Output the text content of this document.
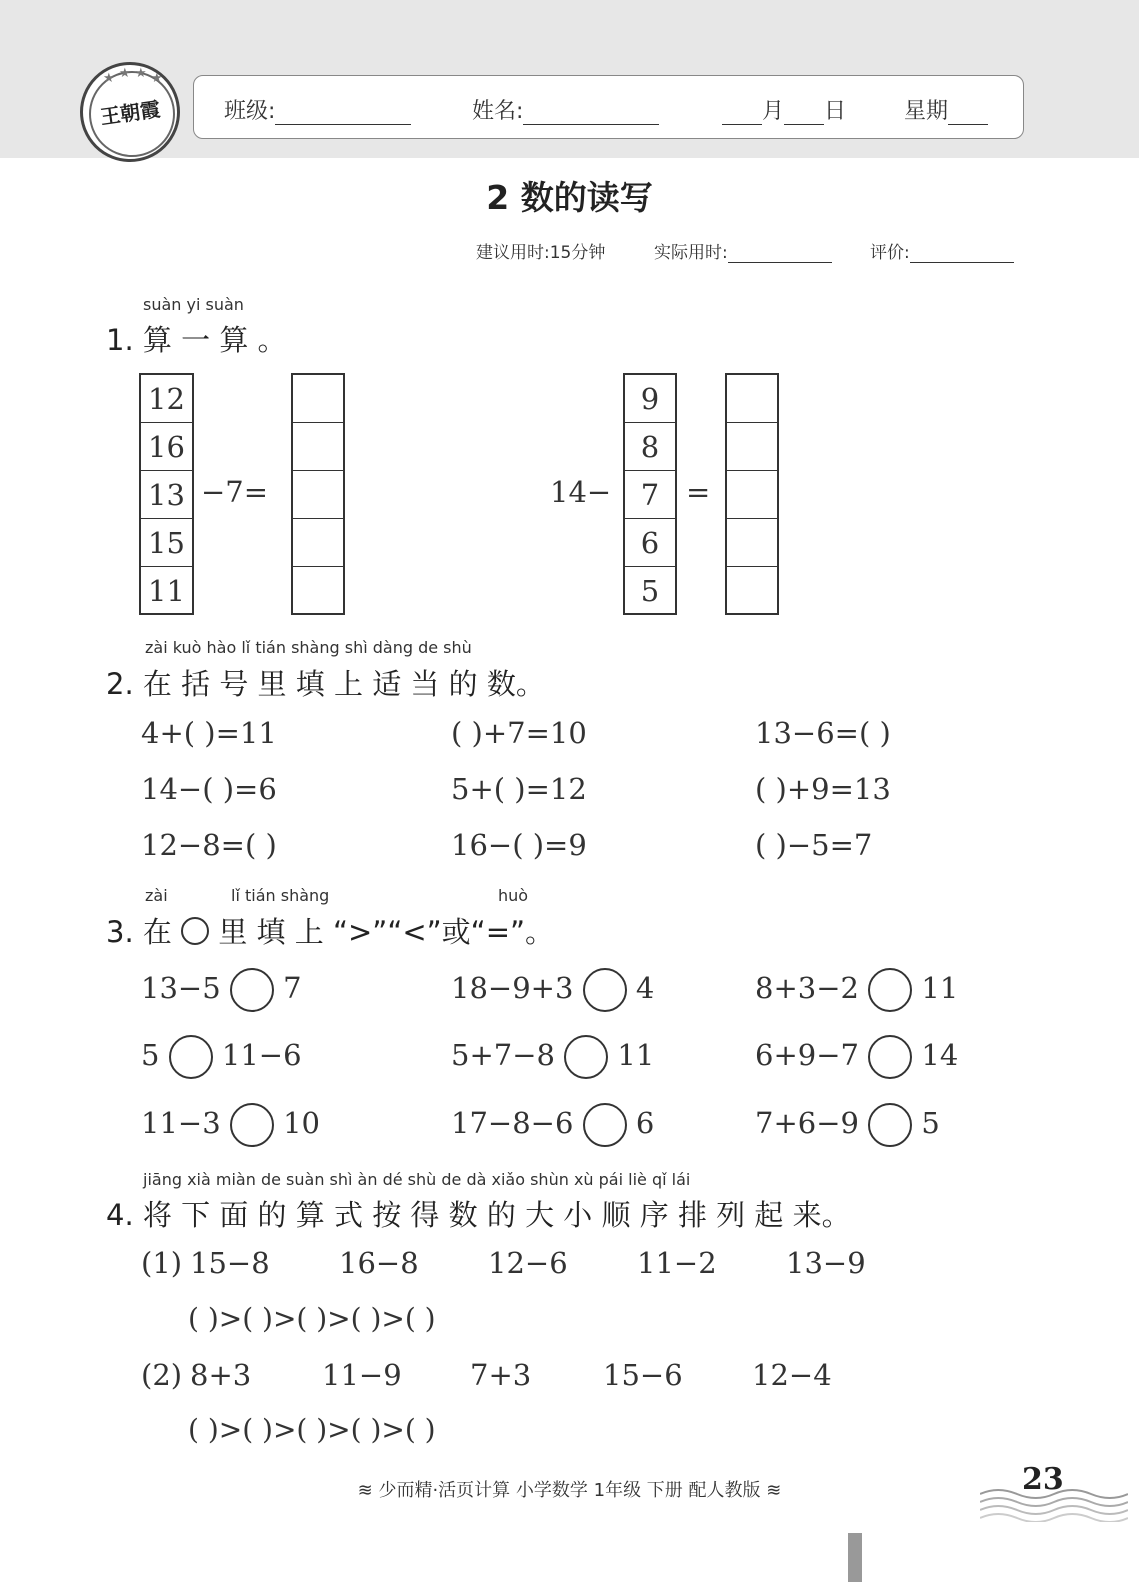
★ ★ ★ ★
王朝霞	班级:	姓名:	月 日	星期
2 数的读写
建议用时:15分钟	实际用时:	评价:
suàn yi suàn
1. 算 一 算 。
12
16
13
15
11
−7=	14−
9
8
7
6
5
=
zài kuò hào lǐ tián shàng shì dàng de shù
2. 在 括 号 里 填 上 适 当 的 数。
4+( )=11	( )+7=10	13−6=( )
14−( )=6	5+( )=12	( )+9=13
12−8=( )	16−( )=9	( )−5=7
zài	lǐ tián shàng	huò
3. 在 里 填 上 “>”“<”或“=”。
13−5 7	18−9+3 4	8+3−2 11
5 11−6	5+7−8 11	6+9−7 14
11−3 10	17−8−6 6	7+6−9 5
jiāng xià miàn de suàn shì àn dé shù de dà xiǎo shùn xù pái liè qǐ lái
4. 将 下 面 的 算 式 按 得 数 的 大 小 顺 序 排 列 起 来。
(1) 15−8 16−8 12−6 11−2 13−9
( )>( )>( )>( )>( )
(2) 8+3 11−9 7+3 15−6 12−4
( )>( )>( )>( )>( )
≋ 少而精·活页计算 小学数学 1年级 下册 配人教版 ≋	23
